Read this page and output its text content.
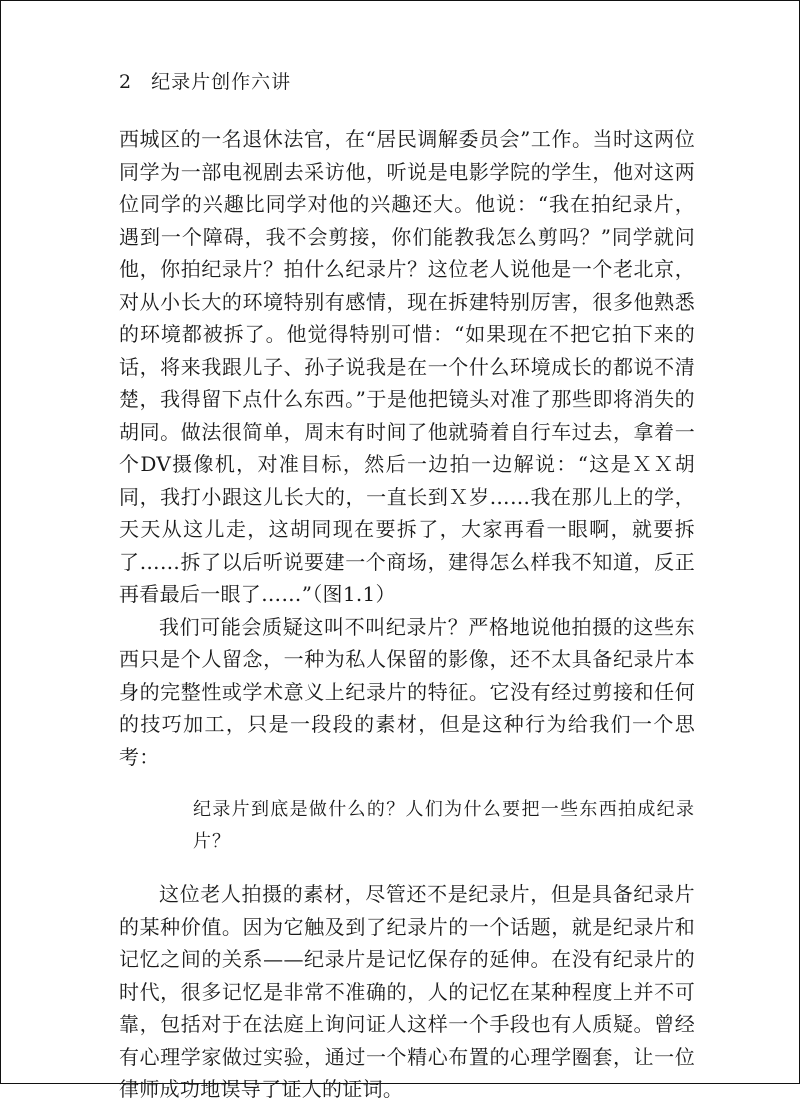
2 纪录片创作六讲

西城区的一名退休法官，在“居民调解委员会”工作。当时这两位同学为一部电视剧去采访他，听说是电影学院的学生，他对这两位同学的兴趣比同学对他的兴趣还大。他说：“我在拍纪录片，遇到一个障碍，我不会剪接，你们能教我怎么剪吗？”同学就问他，你拍纪录片？拍什么纪录片？这位老人说他是一个老北京，对从小长大的环境特别有感情，现在拆建特别厉害，很多他熟悉的环境都被拆了。他觉得特别可惜：“如果现在不把它拍下来的话，将来我跟儿子、孙子说我是在一个什么环境成长的都说不清楚，我得留下点什么东西。”于是他把镜头对准了那些即将消失的胡同。做法很简单，周末有时间了他就骑着自行车过去，拿着一个DV摄像机，对准目标，然后一边拍一边解说：“这是ＸＸ胡同，我打小跟这儿长大的，一直长到Ｘ岁……我在那儿上的学，天天从这儿走，这胡同现在要拆了，大家再看一眼啊，就要拆了……拆了以后听说要建一个商场，建得怎么样我不知道，反正再看最后一眼了……”（图1.1）

我们可能会质疑这叫不叫纪录片？严格地说他拍摄的这些东西只是个人留念，一种为私人保留的影像，还不太具备纪录片本身的完整性或学术意义上纪录片的特征。它没有经过剪接和任何的技巧加工，只是一段段的素材，但是这种行为给我们一个思考：

纪录片到底是做什么的？人们为什么要把一些东西拍成纪录片？

这位老人拍摄的素材，尽管还不是纪录片，但是具备纪录片的某种价值。因为它触及到了纪录片的一个话题，就是纪录片和记忆之间的关系——纪录片是记忆保存的延伸。在没有纪录片的时代，很多记忆是非常不准确的，人的记忆在某种程度上并不可靠，包括对于在法庭上询问证人这样一个手段也有人质疑。曾经有心理学家做过实验，通过一个精心布置的心理学圈套，让一位律师成功地误导了证人的证词。
